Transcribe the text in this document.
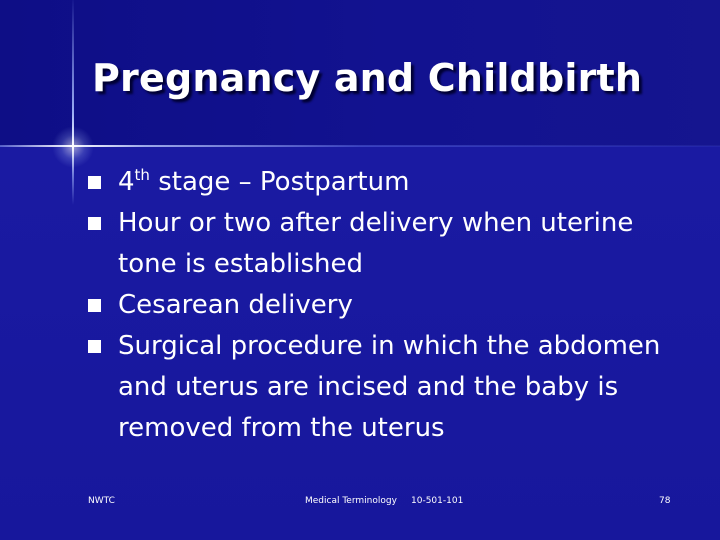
Pregnancy and Childbirth
4th stage – Postpartum
Hour or two after delivery when uterine tone is established
Cesarean delivery
Surgical procedure in which the abdomen and uterus are incised and the baby is removed from the uterus
NWTC	Medical Terminology 10-501-101	78
